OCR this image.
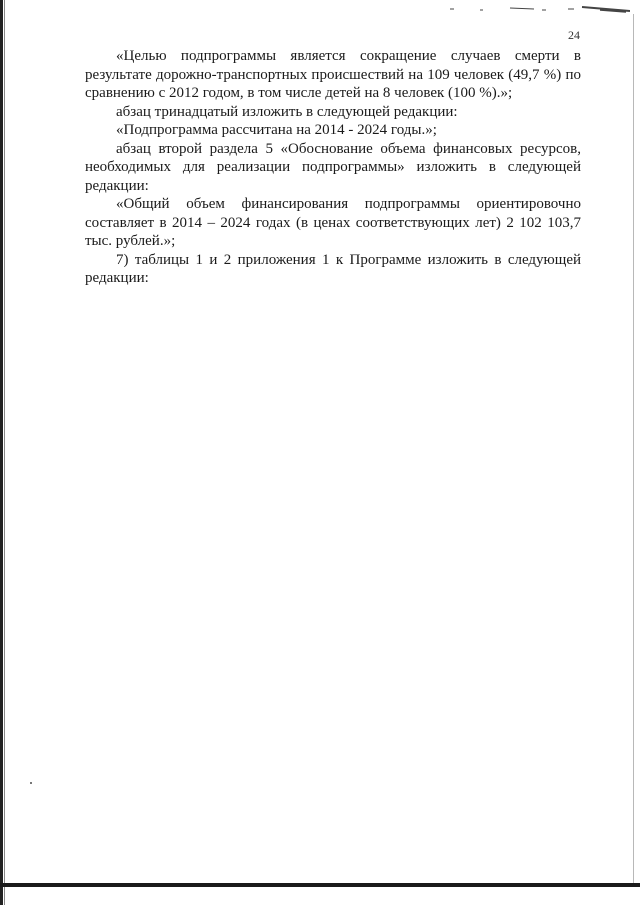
24

«Целью подпрограммы является сокращение случаев смерти в результате дорожно-транспортных происшествий на 109 человек (49,7 %) по сравнению с 2012 годом, в том числе детей на 8 человек (100 %).»;

абзац тринадцатый изложить в следующей редакции:

«Подпрограмма рассчитана на 2014 - 2024 годы.»;

абзац второй раздела 5 «Обоснование объема финансовых ресурсов, необходимых для реализации подпрограммы» изложить в следующей редакции:

«Общий объем финансирования подпрограммы ориентировочно составляет в 2014 – 2024 годах (в ценах соответствующих лет) 2 102 103,7 тыс. рублей.»;

7) таблицы 1 и 2 приложения 1 к Программе изложить в следующей редакции:
